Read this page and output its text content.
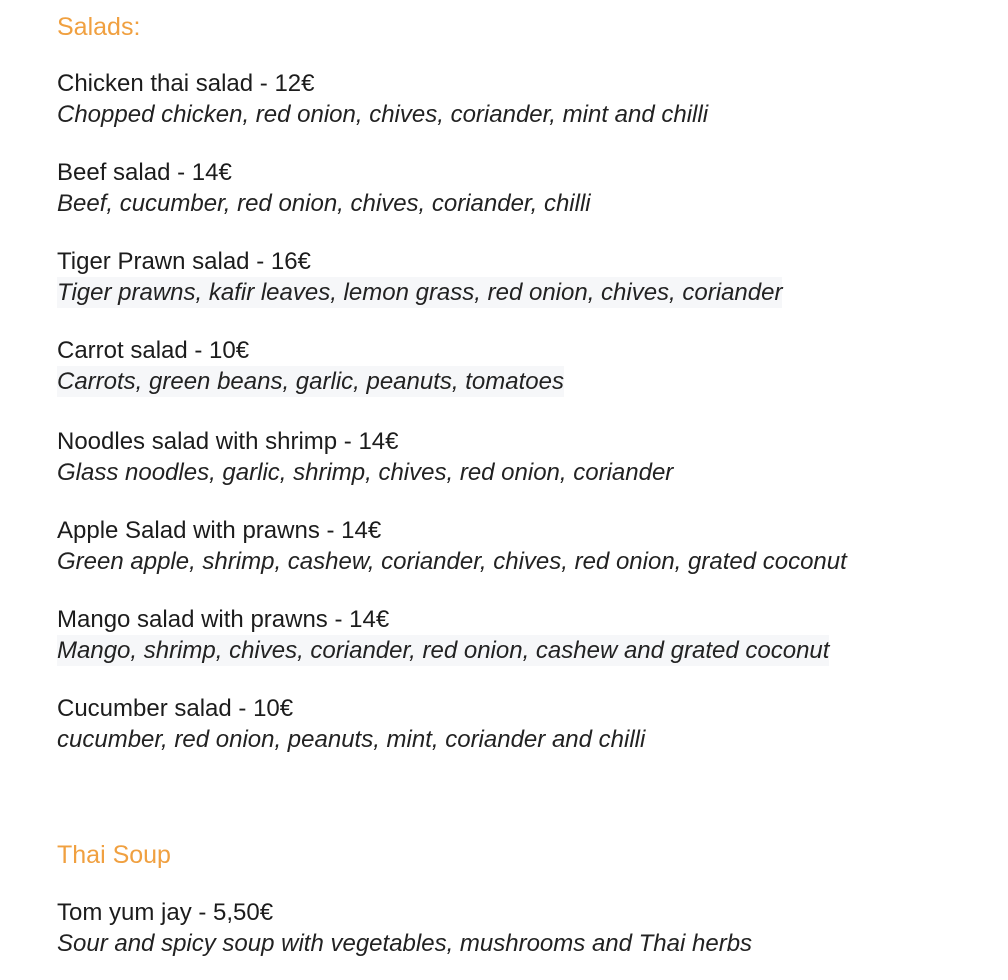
Salads:
Chicken thai salad - 12€
Chopped chicken, red onion, chives, coriander, mint and chilli
Beef salad - 14€
Beef, cucumber, red onion, chives, coriander, chilli
Tiger Prawn salad - 16€
Tiger prawns, kafir leaves, lemon grass, red onion, chives, coriander
Carrot salad - 10€
Carrots, green beans, garlic, peanuts, tomatoes
Noodles salad with shrimp - 14€
Glass noodles, garlic, shrimp, chives, red onion, coriander
Apple Salad with prawns - 14€
Green apple, shrimp, cashew, coriander, chives, red onion, grated coconut
Mango salad with prawns - 14€
Mango, shrimp, chives, coriander, red onion, cashew and grated coconut
Cucumber salad - 10€
cucumber, red onion, peanuts, mint, coriander and chilli
Thai Soup
Tom yum jay - 5,50€
Sour and spicy soup with vegetables, mushrooms and Thai herbs
